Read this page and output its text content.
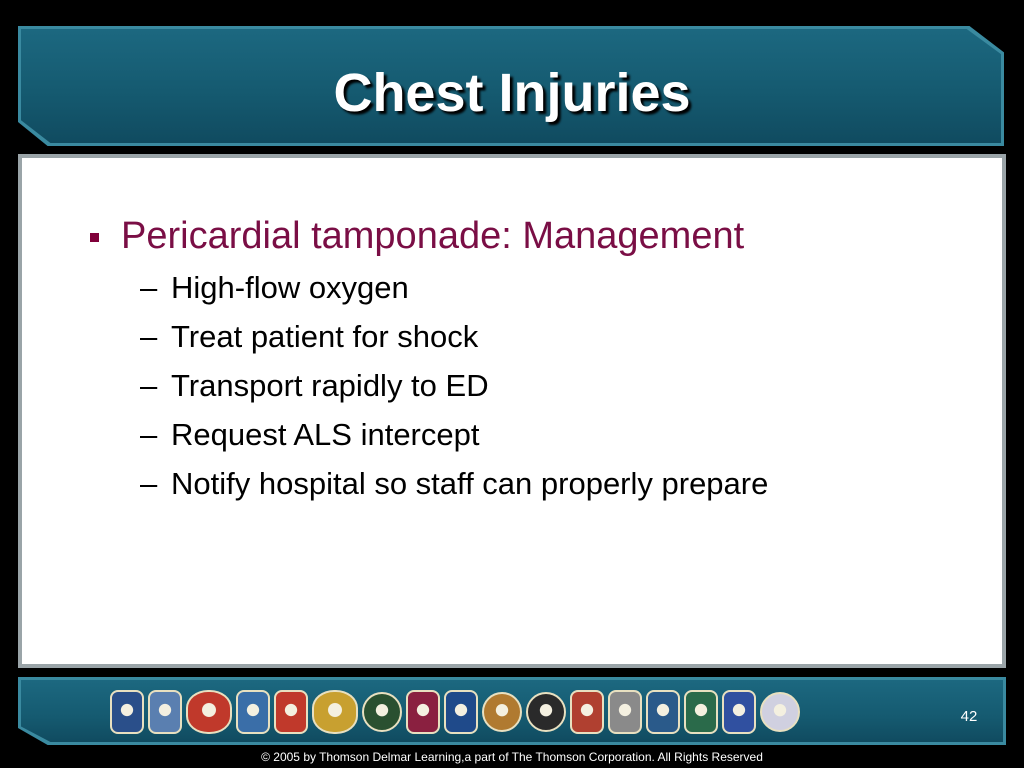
Chest Injuries
Pericardial tamponade: Management
– High-flow oxygen
– Treat patient for shock
– Transport rapidly to ED
– Request ALS intercept
– Notify hospital so staff can properly prepare
42
© 2005 by Thomson Delmar Learning,a part of The Thomson Corporation. All Rights Reserved
